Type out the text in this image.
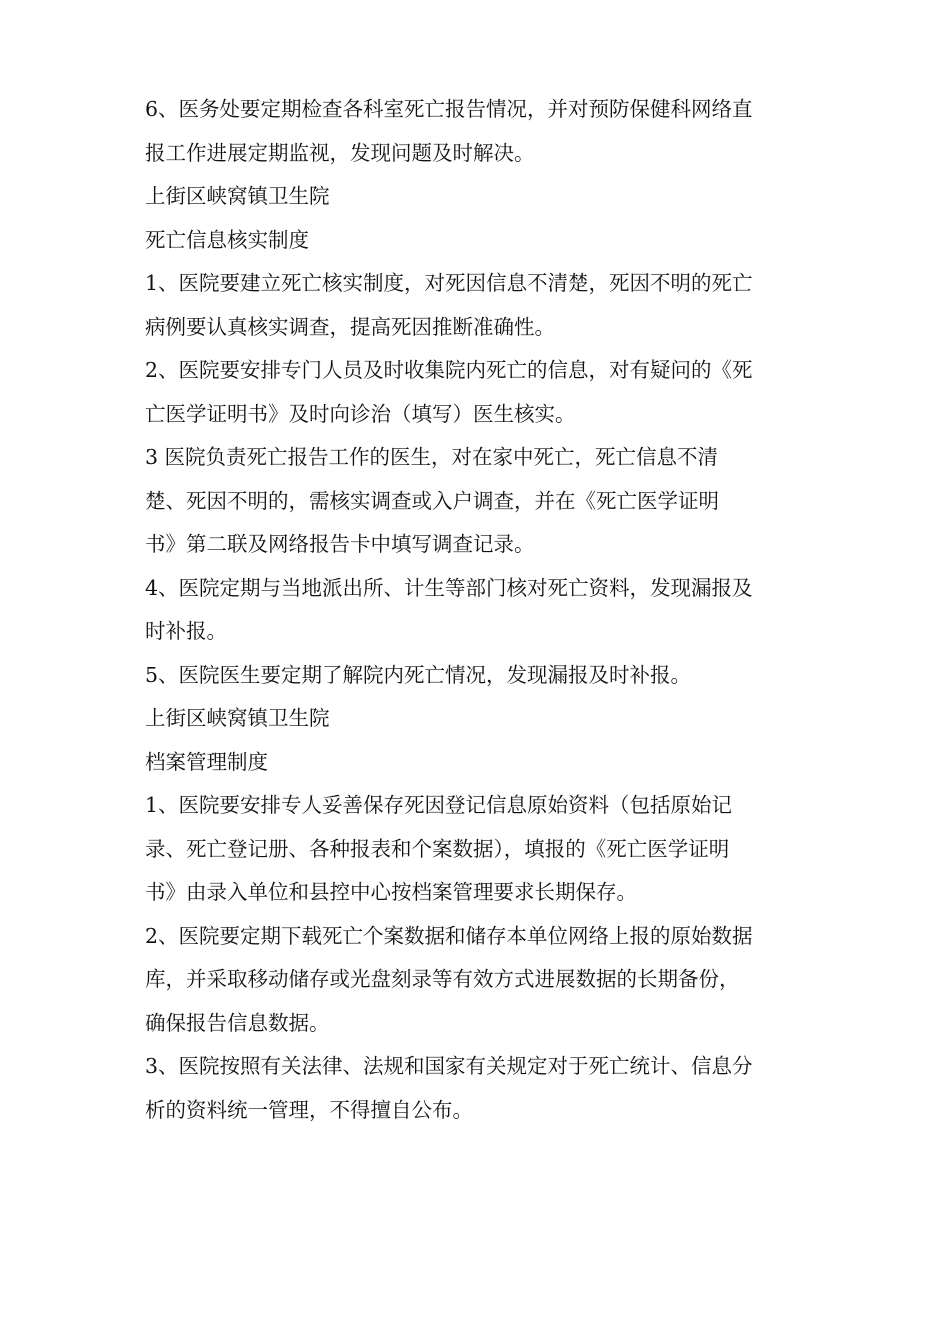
6、医务处要定期检查各科室死亡报告情况，并对预防保健科网络直

报工作进展定期监视，发现问题及时解决。

上街区峡窝镇卫生院

死亡信息核实制度

1、医院要建立死亡核实制度，对死因信息不清楚，死因不明的死亡

病例要认真核实调查，提高死因推断准确性。

2、医院要安排专门人员及时收集院内死亡的信息，对有疑问的《死

亡医学证明书》及时向诊治（填写）医生核实。

3 医院负责死亡报告工作的医生，对在家中死亡，死亡信息不清

楚、死因不明的，需核实调查或入户调查，并在《死亡医学证明

书》第二联及网络报告卡中填写调查记录。

4、医院定期与当地派出所、计生等部门核对死亡资料，发现漏报及

时补报。

5、医院医生要定期了解院内死亡情况，发现漏报及时补报。

上街区峡窝镇卫生院

档案管理制度

1、医院要安排专人妥善保存死因登记信息原始资料（包括原始记

录、死亡登记册、各种报表和个案数据），填报的《死亡医学证明

书》由录入单位和县控中心按档案管理要求长期保存。

2、医院要定期下载死亡个案数据和储存本单位网络上报的原始数据

库，并采取移动储存或光盘刻录等有效方式进展数据的长期备份，

确保报告信息数据。

3、医院按照有关法律、法规和国家有关规定对于死亡统计、信息分

析的资料统一管理，不得擅自公布。
